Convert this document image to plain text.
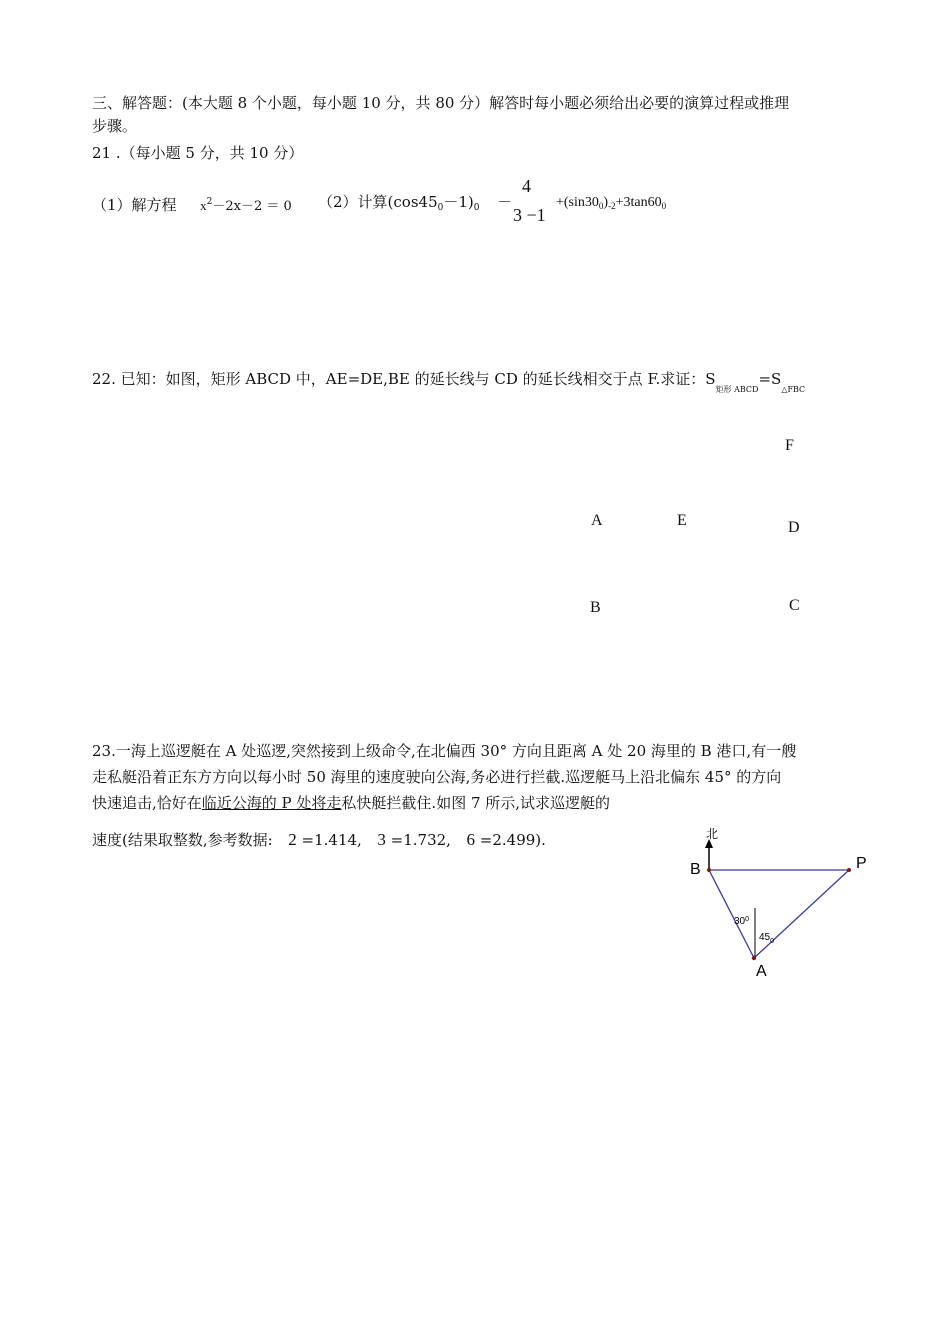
三、解答题：(本大题 8 个小题，每小题 10 分，共 80 分）解答时每小题必须给出必要的演算过程或推理
步骤。
21 .（每小题 5 分，共 10 分）
（1）解方程 $x^2-2x-2 = 0$ （2）计算$(\cos 45_0-1)_0$ －
4
3 −1
$+(\sin 30_0)_{-2}+3\tan 60_0$
22. 已知：如图，矩形 ABCD 中，AE=DE,BE 的延长线与 CD 的延长线相交于点 F.求证：$S_{矩形 ABCD}=S_{\triangle FBC}$
F
A	E	D
B	C
23.一海上巡逻艇在 A 处巡逻,突然接到上级命令,在北偏西 30° 方向且距离 A 处 20 海里的 B 港口,有一艘
走私艇沿着正东方方向以每小时 50 海里的速度驶向公海,务必进行拦截.巡逻艇马上沿北偏东 45° 的方向
快速追击,恰好在临近公海的 P 处将走私快艇拦截住.如图 7 所示,试求巡逻艇的
速度(结果取整数,参考数据: 2 =1.414, 3 =1.732, 6 =2.499).	北
B	P
A
$30^0$
$45_0$
